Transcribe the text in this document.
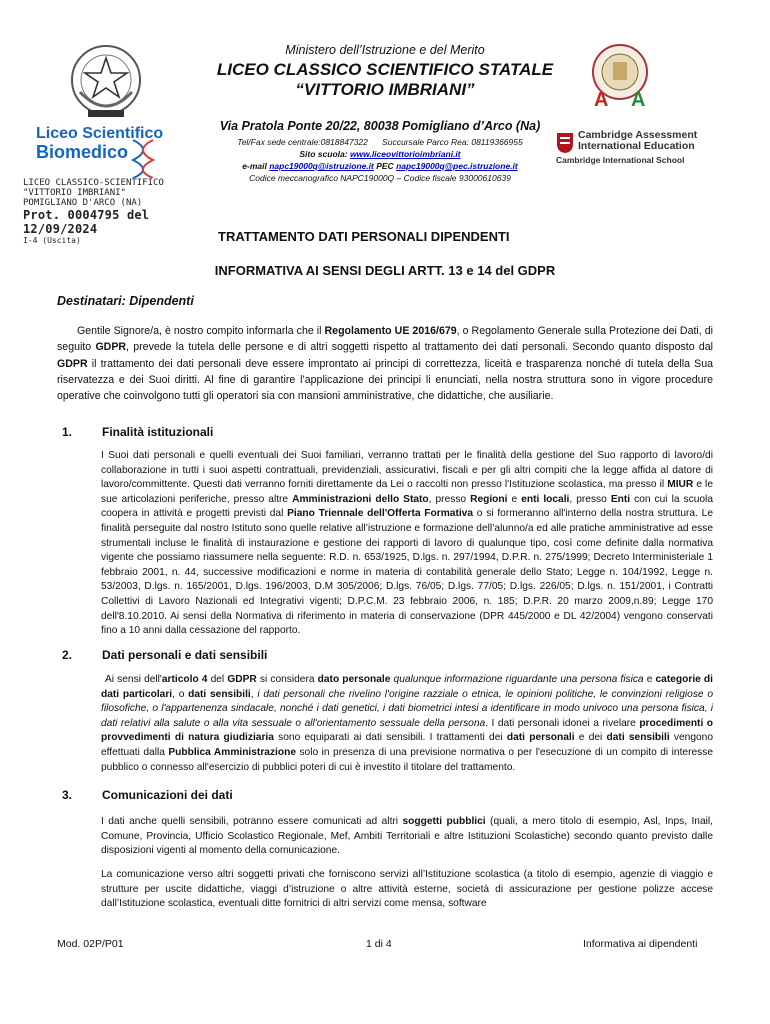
A A
Ministero dell’Istruzione e del Merito
LICEO CLASSICO SCIENTIFICO STATALE
“VITTORIO IMBRIANI”
Liceo Scientifico
Biomedico
Cambridge Assessment
International Education
Cambridge International School
Via Pratola Ponte 20/22, 80038 Pomigliano d’Arco (Na)
Tel/Fax sede centrale:0818847322 Succursale Parco Rea: 08119366955
Sito scuola: www.liceovittorioimbriani.it
e-mail napc19000q@istruzione.it PEC napc19000q@pec.istruzione.it
Codice meccanografico NAPC19000Q – Codice fiscale 93000610639
LICEO CLASSICO-SCIENTIFICO
"VITTORIO IMBRIANI"
POMIGLIANO D'ARCO (NA)
Prot. 0004795 del 12/09/2024
I-4 (Uscita)	TRATTAMENTO DATI PERSONALI DIPENDENTI
INFORMATIVA AI SENSI DEGLI ARTT. 13 e 14 del GDPR
Destinatari: Dipendenti

Gentile Signore/a, è nostro compito informarla che il Regolamento UE 2016/679, o Regolamento Generale sulla Protezione dei Dati, di seguito GDPR, prevede la tutela delle persone e di altri soggetti rispetto al trattamento dei dati personali. Secondo quanto disposto dal GDPR il trattamento dei dati personali deve essere improntato ai principi di correttezza, liceità e trasparenza nonché di tutela della Sua riservatezza e dei Suoi diritti. Al fine di garantire l’applicazione dei principi li enunciati, nella nostra struttura sono in vigore procedure operative che coinvolgono tutti gli operatori sia con mansioni amministrative, che didattiche, che ausiliarie.

1. Finalità istituzionali

I Suoi dati personali e quelli eventuali dei Suoi familiari, verranno trattati per le finalità della gestione del Suo rapporto di lavoro/di collaborazione in tutti i suoi aspetti contrattuali, previdenziali, assicurativi, fiscali e per gli altri compiti che la legge affida al datore di lavoro/committente. Questi dati verranno forniti direttamente da Lei o raccolti non presso l'Istituzione scolastica, ma presso il MIUR e le sue articolazioni periferiche, presso altre Amministrazioni dello Stato, presso Regioni e enti locali, presso Enti con cui la scuola coopera in attività e progetti previsti dal Piano Triennale dell'Offerta Formativa o si formeranno all'interno della nostra struttura. Le finalità perseguite dal nostro Istituto sono quelle relative all’istruzione e formazione dell’alunno/a ed alle pratiche amministrative ad esse strumentali incluse le finalità di instaurazione e gestione dei rapporti di lavoro di qualunque tipo, così come definite dalla normativa vigente che possiamo riassumere nella seguente: R.D. n. 653/1925, D.lgs. n. 297/1994, D.P.R. n. 275/1999; Decreto Interministeriale 1 febbraio 2001, n. 44, successive modificazioni e norme in materia di contabilità generale dello Stato; Legge n. 104/1992, Legge n. 53/2003, D.lgs. n. 165/2001, D.lgs. 196/2003, D.M 305/2006; D.lgs. 76/05; D.lgs. 77/05; D.lgs. 226/05; D.lgs. n. 151/2001, i Contratti Collettivi di Lavoro Nazionali ed Integrativi vigenti; D.P.C.M. 23 febbraio 2006, n. 185; D.P.R. 20 marzo 2009,n.89; Legge 170 dell'8.10.2010. Ai sensi della Normativa di riferimento in materia di conservazione (DPR 445/2000 e DL 42/2004) vengono conservati fino a 10 anni dalla cessazione del rapporto.

2. Dati personali e dati sensibili

Ai sensi dell'articolo 4 del GDPR si considera dato personale qualunque informazione riguardante una persona fisica e categorie di dati particolari, o dati sensibili, i dati personali che rivelino l'origine razziale o etnica, le opinioni politiche, le convinzioni religiose o filosofiche, o l'appartenenza sindacale, nonché i dati genetici, i dati biometrici intesi a identificare in modo univoco una persona fisica, i dati relativi alla salute o alla vita sessuale o all'orientamento sessuale della persona. I dati personali idonei a rivelare procedimenti o provvedimenti di natura giudiziaria sono equiparati ai dati sensibili. I trattamenti dei dati personali e dei dati sensibili vengono effettuati dalla Pubblica Amministrazione solo in presenza di una previsione normativa o per l'esecuzione di un compito di interesse pubblico o connesso all'esercizio di pubblici poteri di cui è investito il titolare del trattamento.

3. Comunicazioni dei dati

I dati anche quelli sensibili, potranno essere comunicati ad altri soggetti pubblici (quali, a mero titolo di esempio, Asl, Inps, Inail, Comune, Provincia, Ufficio Scolastico Regionale, Mef, Ambiti Territoriali e altre Istituzioni Scolastiche) secondo quanto previsto dalle disposizioni vigenti al momento della comunicazione.

La comunicazione verso altri soggetti privati che forniscono servizi all’Istituzione scolastica (a titolo di esempio, agenzie di viaggio e strutture per uscite didattiche, viaggi d’istruzione o altre attività esterne, società di assicurazione per gestione polizze accese dall’Istituzione scolastica, eventuali ditte fornitrici di altri servizi come mensa, software

Mod. 02P/P01	1 di 4	Informativa ai dipendenti
